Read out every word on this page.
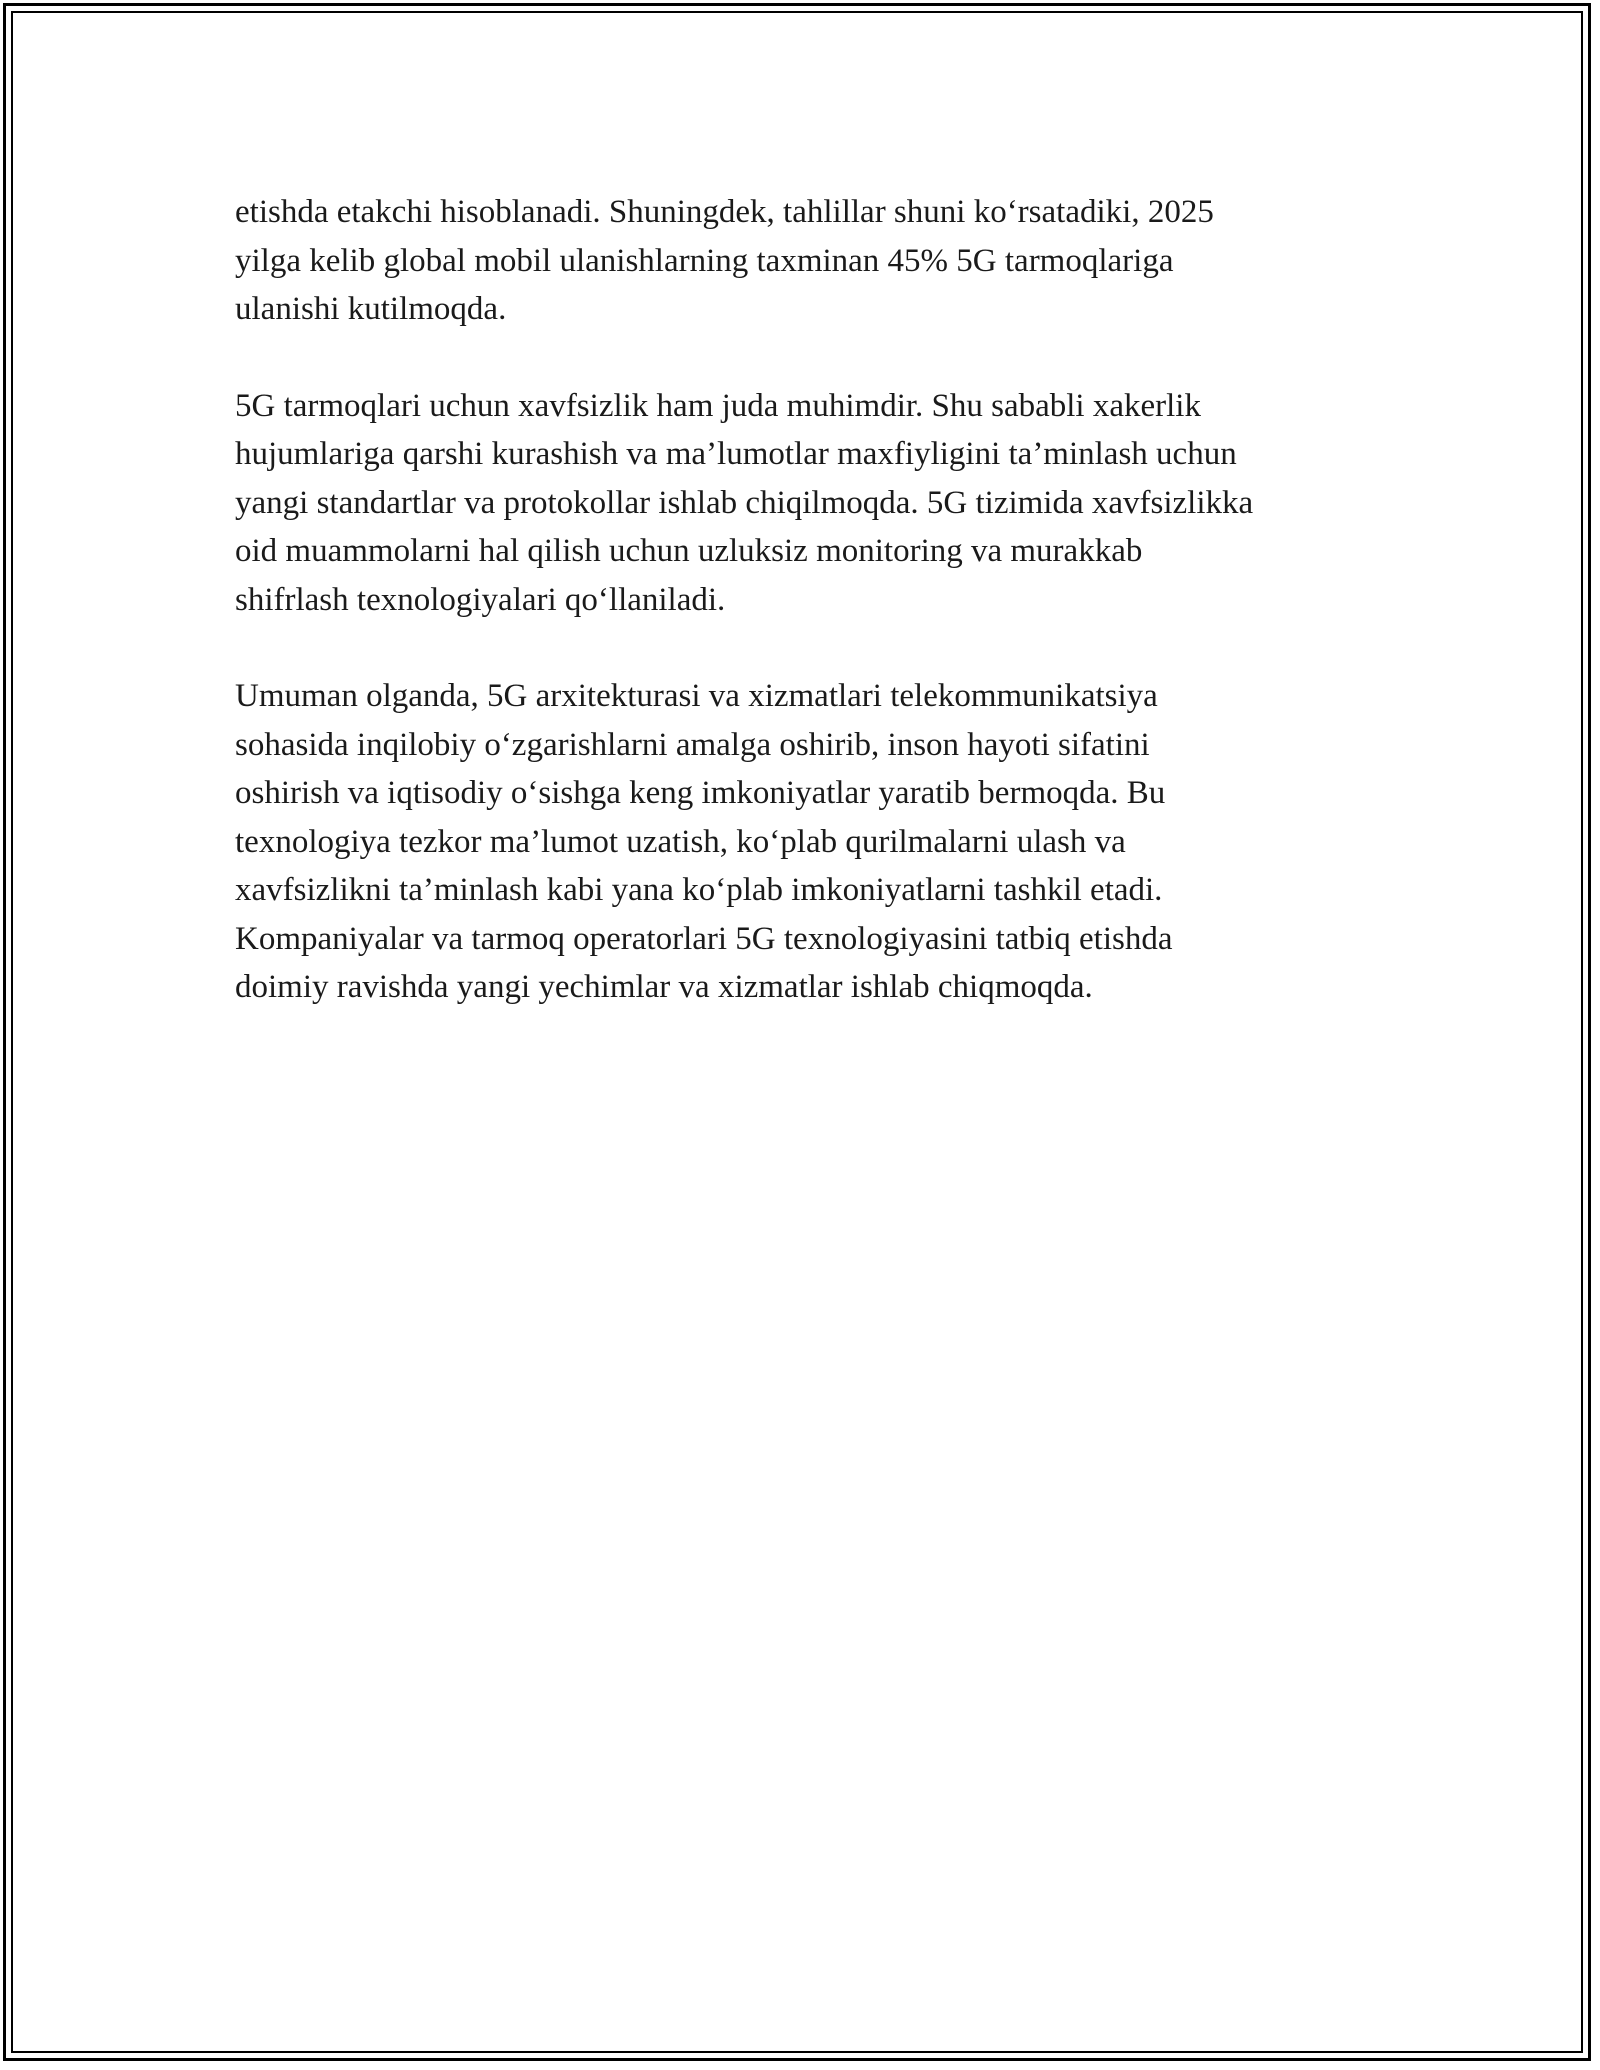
etishda etakchi hisoblanadi. Shuningdek, tahlillar shuni ko‘rsatadiki, 2025
yilga kelib global mobil ulanishlarning taxminan 45% 5G tarmoqlariga
ulanishi kutilmoqda.

5G tarmoqlari uchun xavfsizlik ham juda muhimdir. Shu sababli xakerlik
hujumlariga qarshi kurashish va ma’lumotlar maxfiyligini ta’minlash uchun
yangi standartlar va protokollar ishlab chiqilmoqda. 5G tizimida xavfsizlikka
oid muammolarni hal qilish uchun uzluksiz monitoring va murakkab
shifrlash texnologiyalari qo‘llaniladi.

Umuman olganda, 5G arxitekturasi va xizmatlari telekommunikatsiya
sohasida inqilobiy o‘zgarishlarni amalga oshirib, inson hayoti sifatini
oshirish va iqtisodiy o‘sishga keng imkoniyatlar yaratib bermoqda. Bu
texnologiya tezkor ma’lumot uzatish, ko‘plab qurilmalarni ulash va
xavfsizlikni ta’minlash kabi yana ko‘plab imkoniyatlarni tashkil etadi.
Kompaniyalar va tarmoq operatorlari 5G texnologiyasini tatbiq etishda
doimiy ravishda yangi yechimlar va xizmatlar ishlab chiqmoqda.
